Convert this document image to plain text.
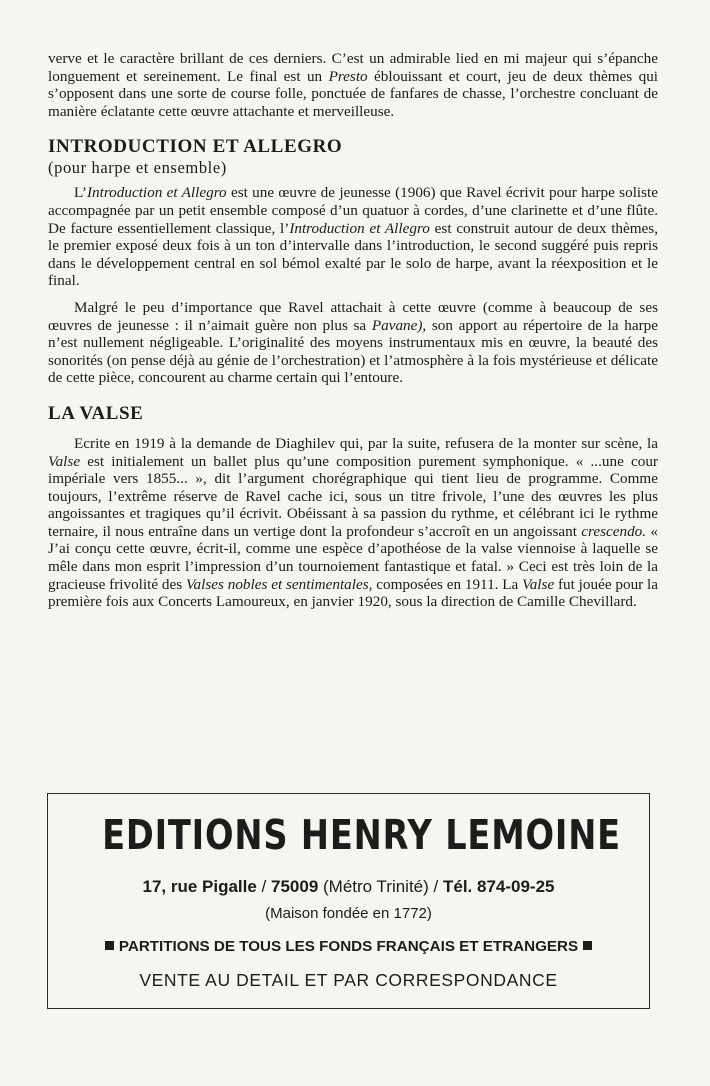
verve et le caractère brillant de ces derniers. C’est un admirable lied en mi majeur qui s’épanche longuement et sereinement. Le final est un Presto éblouissant et court, jeu de deux thèmes qui s’opposent dans une sorte de course folle, ponctuée de fanfares de chasse, l’orchestre concluant de manière éclatante cette œuvre attachante et merveilleuse.

INTRODUCTION ET ALLEGRO
(pour harpe et ensemble)

L’Introduction et Allegro est une œuvre de jeunesse (1906) que Ravel écrivit pour harpe soliste accompagnée par un petit ensemble composé d’un quatuor à cordes, d’une clarinette et d’une flûte. De facture essentiellement classique, l’Introduction et Allegro est construit autour de deux thèmes, le premier exposé deux fois à un ton d’intervalle dans l’introduction, le second suggéré puis repris dans le développement central en sol bémol exalté par le solo de harpe, avant la réexposition et le final.

Malgré le peu d’importance que Ravel attachait à cette œuvre (comme à beaucoup de ses œuvres de jeunesse : il n’aimait guère non plus sa Pavane), son apport au répertoire de la harpe n’est nullement négligeable. L’originalité des moyens instrumentaux mis en œuvre, la beauté des sonorités (on pense déjà au génie de l’orchestration) et l’atmosphère à la fois mystérieuse et délicate de cette pièce, concourent au charme certain qui l’entoure.

LA VALSE

Ecrite en 1919 à la demande de Diaghilev qui, par la suite, refusera de la monter sur scène, la Valse est initialement un ballet plus qu’une composition purement symphonique. « ...une cour impériale vers 1855... », dit l’argument chorégraphique qui tient lieu de programme. Comme toujours, l’extrême réserve de Ravel cache ici, sous un titre frivole, l’une des œuvres les plus angoissantes et tragiques qu’il écrivit. Obéissant à sa passion du rythme, et célébrant ici le rythme ternaire, il nous entraîne dans un vertige dont la profondeur s’accroît en un angoissant crescendo. « J’ai conçu cette œuvre, écrit-il, comme une espèce d’apothéose de la valse viennoise à laquelle se mêle dans mon esprit l’impression d’un tournoiement fantastique et fatal. » Ceci est très loin de la gracieuse frivolité des Valses nobles et sentimentales, composées en 1911. La Valse fut jouée pour la première fois aux Concerts Lamoureux, en janvier 1920, sous la direction de Camille Chevillard.

EDITIONS HENRY LEMOINE
17, rue Pigalle / 75009 (Métro Trinité) / Tél. 874-09-25
(Maison fondée en 1772)
PARTITIONS DE TOUS LES FONDS FRANÇAIS ET ETRANGERS
VENTE AU DETAIL ET PAR CORRESPONDANCE
